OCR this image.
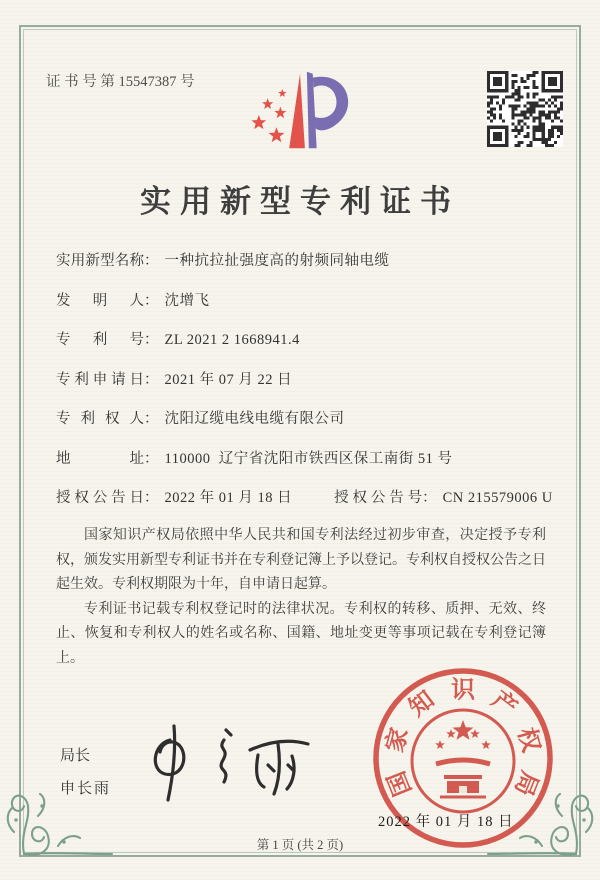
证 书 号 第 15547387 号
实用新型专利证书
实用新型名称： 一种抗拉扯强度高的射频同轴电缆
发明人： 沈增飞
专利号： ZL 2021 2 1668941.4
专利申请日： 2021 年 07 月 22 日
专利权人： 沈阳辽缆电线电缆有限公司
地址： 110000  辽宁省沈阳市铁西区保工南街 51 号
授权公告日： 2022 年 01 月 18 日	授权公告号： CN 215579006 U

国家知识产权局依照中华人民共和国专利法经过初步审查，决定授予专利权，颁发实用新型专利证书并在专利登记簿上予以登记。专利权自授权公告之日起生效。专利权期限为十年，自申请日起算。

专利证书记载专利权登记时的法律状况。专利权的转移、质押、无效、终止、恢复和专利权人的姓名或名称、国籍、地址变更等事项记载在专利登记簿上。

局长
申长雨	国
家
知 识 产
权
局
2022 年 01 月 18 日
第 1 页 (共 2 页)
